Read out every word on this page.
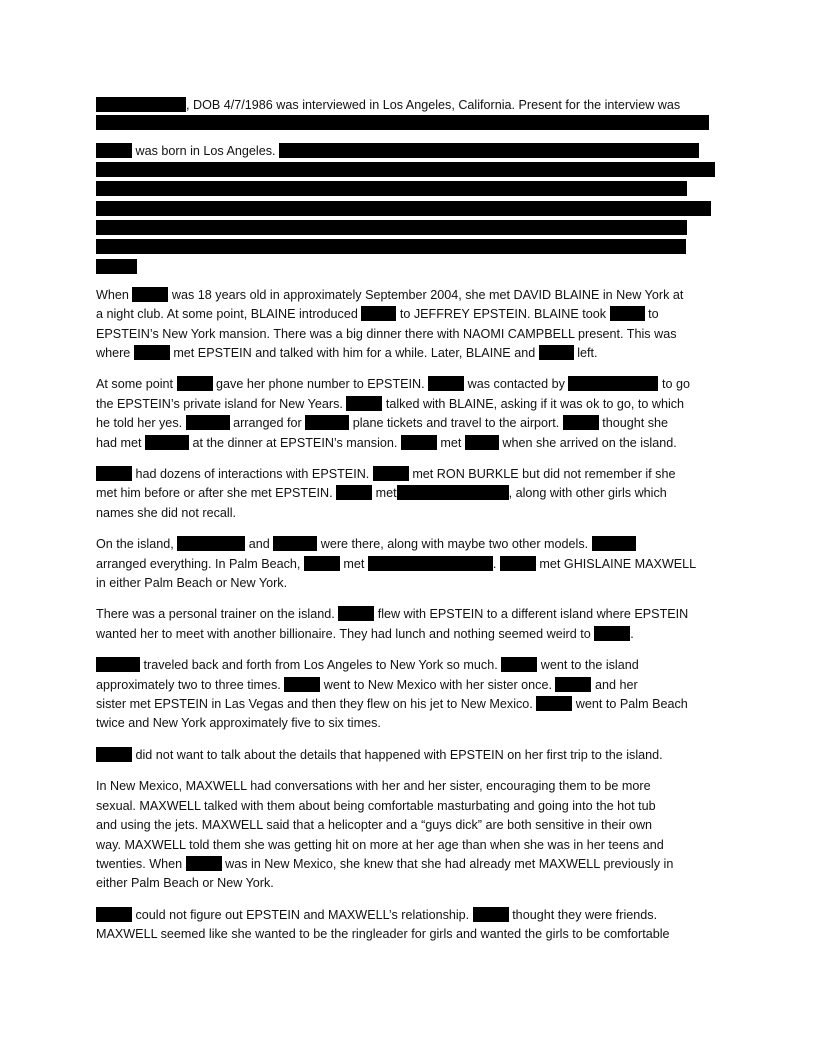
, DOB 4/7/1986 was interviewed in Los Angeles, California. Present for the interview was

was born in Los Angeles.

When	was 18 years old in approximately September 2004, she met DAVID BLAINE in New York at
a night club. At some point, BLAINE introduced	to JEFFREY EPSTEIN. BLAINE took	to
EPSTEIN’s New York mansion. There was a big dinner there with NAOMI CAMPBELL present. This was
where	met EPSTEIN and talked with him for a while. Later, BLAINE and	left.

At some point	gave her phone number to EPSTEIN.	was contacted by	to go
the EPSTEIN’s private island for New Years.	talked with BLAINE, asking if it was ok to go, to which
he told her yes.	arranged for	plane tickets and travel to the airport.	thought she
had met	at the dinner at EPSTEIN’s mansion.	met	when she arrived on the island.

had dozens of interactions with EPSTEIN.	met RON BURKLE but did not remember if she
met him before or after she met EPSTEIN.	met	, along with other girls which
names she did not recall.

On the island,	and	were there, along with maybe two other models.
arranged everything. In Palm Beach,	met	.	met GHISLAINE MAXWELL
in either Palm Beach or New York.

There was a personal trainer on the island.	flew with EPSTEIN to a different island where EPSTEIN
wanted her to meet with another billionaire. They had lunch and nothing seemed weird to	.

traveled back and forth from Los Angeles to New York so much.	went to the island
approximately two to three times.	went to New Mexico with her sister once.	and her
sister met EPSTEIN in Las Vegas and then they flew on his jet to New Mexico.	went to Palm Beach
twice and New York approximately five to six times.

did not want to talk about the details that happened with EPSTEIN on her first trip to the island.

In New Mexico, MAXWELL had conversations with her and her sister, encouraging them to be more
sexual. MAXWELL talked with them about being comfortable masturbating and going into the hot tub
and using the jets. MAXWELL said that a helicopter and a “guys dick” are both sensitive in their own
way. MAXWELL told them she was getting hit on more at her age than when she was in her teens and
twenties. When	was in New Mexico, she knew that she had already met MAXWELL previously in
either Palm Beach or New York.

could not figure out EPSTEIN and MAXWELL’s relationship.	thought they were friends.
MAXWELL seemed like she wanted to be the ringleader for girls and wanted the girls to be comfortable
